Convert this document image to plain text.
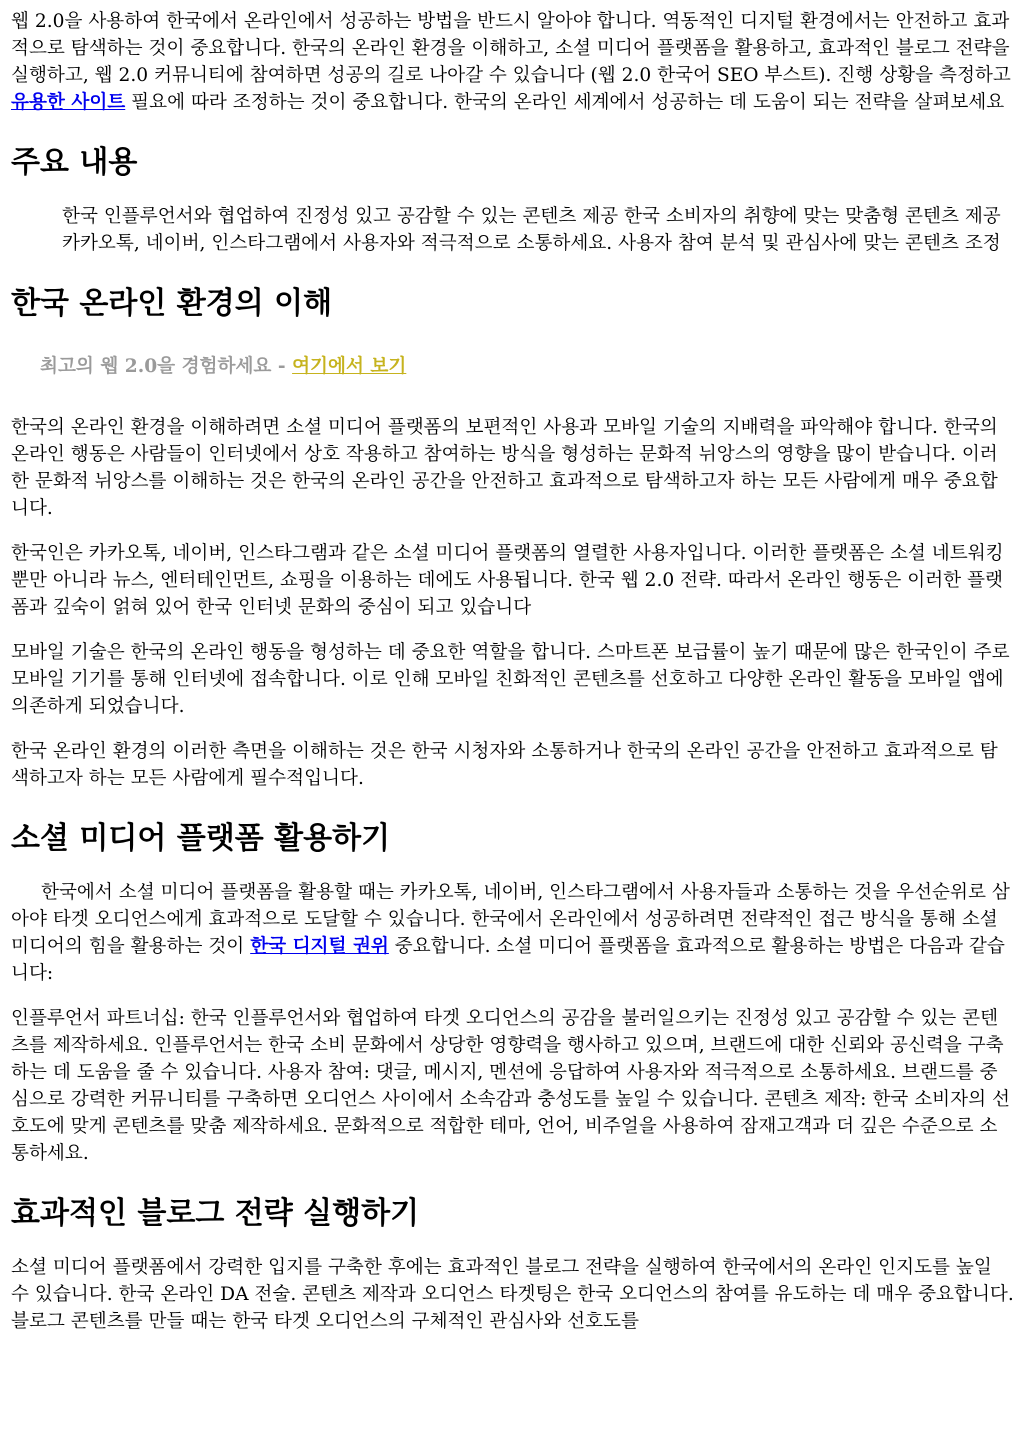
웹 2.0을 사용하여 한국에서 온라인에서 성공하는 방법을 반드시 알아야 합니다. 역동적인 디지털 환경에서는 안전하고 효과적으로 탐색하는 것이 중요합니다. 한국의 온라인 환경을 이해하고, 소셜 미디어 플랫폼을 활용하고, 효과적인 블로그 전략을 실행하고, 웹 2.0 커뮤니티에 참여하면 성공의 길로 나아갈 수 있습니다 (웹 2.0 한국어 SEO 부스트). 진행 상황을 측정하고 유용한 사이트 필요에 따라 조정하는 것이 중요합니다. 한국의 온라인 세계에서 성공하는 데 도움이 되는 전략을 살펴보세요

주요 내용

한국 인플루언서와 협업하여 진정성 있고 공감할 수 있는 콘텐츠 제공 한국 소비자의 취향에 맞는 맞춤형 콘텐츠 제공 카카오톡, 네이버, 인스타그램에서 사용자와 적극적으로 소통하세요. 사용자 참여 분석 및 관심사에 맞는 콘텐츠 조정

한국 온라인 환경의 이해
최고의 웹 2.0을 경험하세요 - 여기에서 보기

한국의 온라인 환경을 이해하려면 소셜 미디어 플랫폼의 보편적인 사용과 모바일 기술의 지배력을 파악해야 합니다. 한국의 온라인 행동은 사람들이 인터넷에서 상호 작용하고 참여하는 방식을 형성하는 문화적 뉘앙스의 영향을 많이 받습니다. 이러한 문화적 뉘앙스를 이해하는 것은 한국의 온라인 공간을 안전하고 효과적으로 탐색하고자 하는 모든 사람에게 매우 중요합니다.

한국인은 카카오톡, 네이버, 인스타그램과 같은 소셜 미디어 플랫폼의 열렬한 사용자입니다. 이러한 플랫폼은 소셜 네트워킹뿐만 아니라 뉴스, 엔터테인먼트, 쇼핑을 이용하는 데에도 사용됩니다. 한국 웹 2.0 전략. 따라서 온라인 행동은 이러한 플랫폼과 깊숙이 얽혀 있어 한국 인터넷 문화의 중심이 되고 있습니다

모바일 기술은 한국의 온라인 행동을 형성하는 데 중요한 역할을 합니다. 스마트폰 보급률이 높기 때문에 많은 한국인이 주로 모바일 기기를 통해 인터넷에 접속합니다. 이로 인해 모바일 친화적인 콘텐츠를 선호하고 다양한 온라인 활동을 모바일 앱에 의존하게 되었습니다.

한국 온라인 환경의 이러한 측면을 이해하는 것은 한국 시청자와 소통하거나 한국의 온라인 공간을 안전하고 효과적으로 탐색하고자 하는 모든 사람에게 필수적입니다.

소셜 미디어 플랫폼 활용하기

한국에서 소셜 미디어 플랫폼을 활용할 때는 카카오톡, 네이버, 인스타그램에서 사용자들과 소통하는 것을 우선순위로 삼아야 타겟 오디언스에게 효과적으로 도달할 수 있습니다. 한국에서 온라인에서 성공하려면 전략적인 접근 방식을 통해 소셜 미디어의 힘을 활용하는 것이 한국 디지털 권위 중요합니다. 소셜 미디어 플랫폼을 효과적으로 활용하는 방법은 다음과 같습니다:

인플루언서 파트너십: 한국 인플루언서와 협업하여 타겟 오디언스의 공감을 불러일으키는 진정성 있고 공감할 수 있는 콘텐츠를 제작하세요. 인플루언서는 한국 소비 문화에서 상당한 영향력을 행사하고 있으며, 브랜드에 대한 신뢰와 공신력을 구축하는 데 도움을 줄 수 있습니다. 사용자 참여: 댓글, 메시지, 멘션에 응답하여 사용자와 적극적으로 소통하세요. 브랜드를 중심으로 강력한 커뮤니티를 구축하면 오디언스 사이에서 소속감과 충성도를 높일 수 있습니다. 콘텐츠 제작: 한국 소비자의 선호도에 맞게 콘텐츠를 맞춤 제작하세요. 문화적으로 적합한 테마, 언어, 비주얼을 사용하여 잠재고객과 더 깊은 수준으로 소통하세요.

효과적인 블로그 전략 실행하기

소셜 미디어 플랫폼에서 강력한 입지를 구축한 후에는 효과적인 블로그 전략을 실행하여 한국에서의 온라인 인지도를 높일 수 있습니다. 한국 온라인 DA 전술. 콘텐츠 제작과 오디언스 타겟팅은 한국 오디언스의 참여를 유도하는 데 매우 중요합니다. 블로그 콘텐츠를 만들 때는 한국 타겟 오디언스의 구체적인 관심사와 선호도를
